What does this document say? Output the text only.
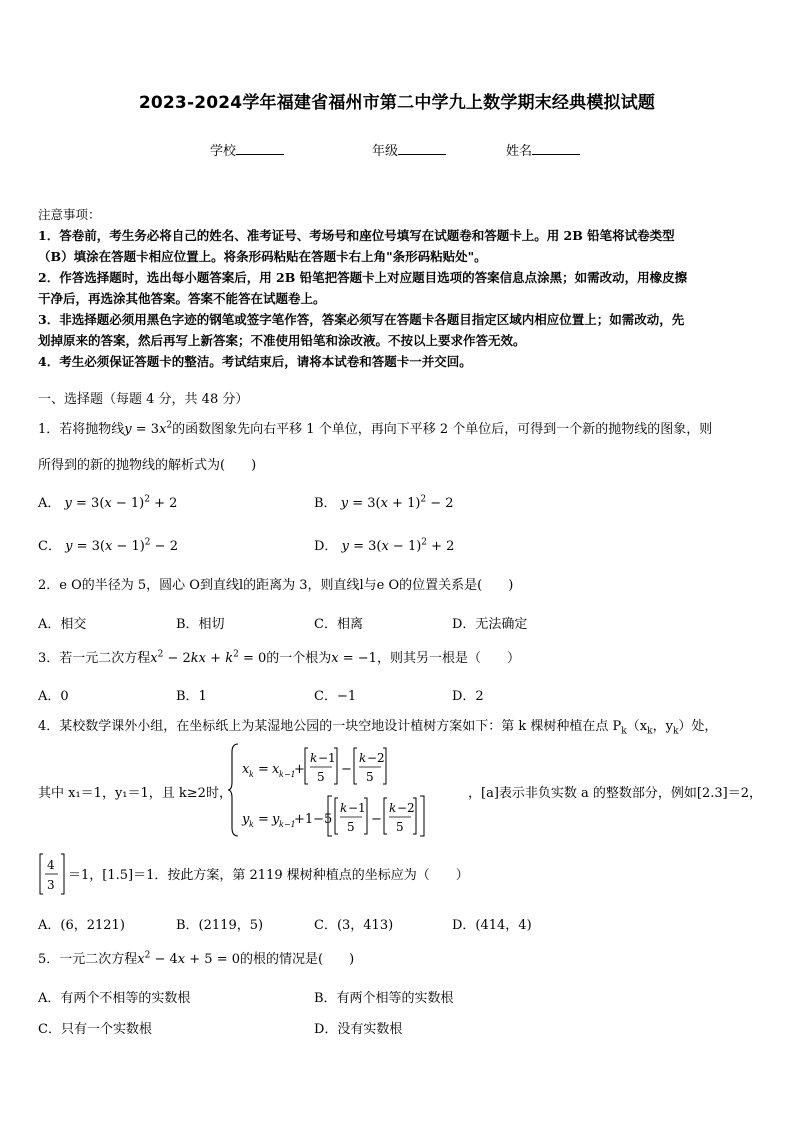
2023-2024学年福建省福州市第二中学九上数学期末经典模拟试题
学校	年级	姓名

注意事项：

1．答卷前，考生务必将自己的姓名、准考证号、考场号和座位号填写在试题卷和答题卡上。用 2B 铅笔将试卷类型

（B）填涂在答题卡相应位置上。将条形码粘贴在答题卡右上角"条形码粘贴处"。

2．作答选择题时，选出每小题答案后，用 2B 铅笔把答题卡上对应题目选项的答案信息点涂黑；如需改动，用橡皮擦

干净后，再选涂其他答案。答案不能答在试题卷上。

3．非选择题必须用黑色字迹的钢笔或签字笔作答，答案必须写在答题卡各题目指定区域内相应位置上；如需改动，先

划掉原来的答案，然后再写上新答案；不准使用铅笔和涂改液。不按以上要求作答无效。

4．考生必须保证答题卡的整洁。考试结束后，请将本试卷和答题卡一并交回。

一、选择题（每题 4 分，共 48 分）
1．若将抛物线$y = 3x^2$的函数图象先向右平移 1 个单位，再向下平移 2 个单位后，可得到一个新的抛物线的图象，则
所得到的新的抛物线的解析式为(　　)
A． $y = 3(x - 1)^2 + 2$	B． $y = 3(x + 1)^2 - 2$
C． $y = 3(x - 1)^2 - 2$	D． $y = 3(x - 1)^2 + 2$
2．e O的半径为 5，圆心 O到直线l的距离为 3，则直线l与e O的位置关系是(　　)
A．相交	B．相切	C．相离	D．无法确定
3．若一元二次方程$x^2 - 2kx + k^2 = 0$的一个根为x = −1，则其另一根是（　　）
A．0	B．1	C．−1	D．2
4．某校数学课外小组，在坐标纸上为某湿地公园的一块空地设计植树方案如下：第 k 棵树种植在点 $P_k(x_k$，$y_k$）处，
其中 x₁＝1，y₁＝1，且 k≥2时，
x k = x k−1
+
k −1
5 −
k −2
5
y k = y k−1
+1−5
k −1
5 −
k −2
5
，[a]表示非负实数 a 的整数部分，例如[2.3]＝2，
4
3
＝1，[1.5]＝1．按此方案，第 2119 棵树种植点的坐标应为（　　）
A．(6，2121)	B．(2119，5)	C．(3，413)	D．(414，4)
5．一元二次方程$x^2 - 4x + 5 = 0$的根的情况是(　　)
A．有两个不相等的实数根	B．有两个相等的实数根
C．只有一个实数根	D．没有实数根
